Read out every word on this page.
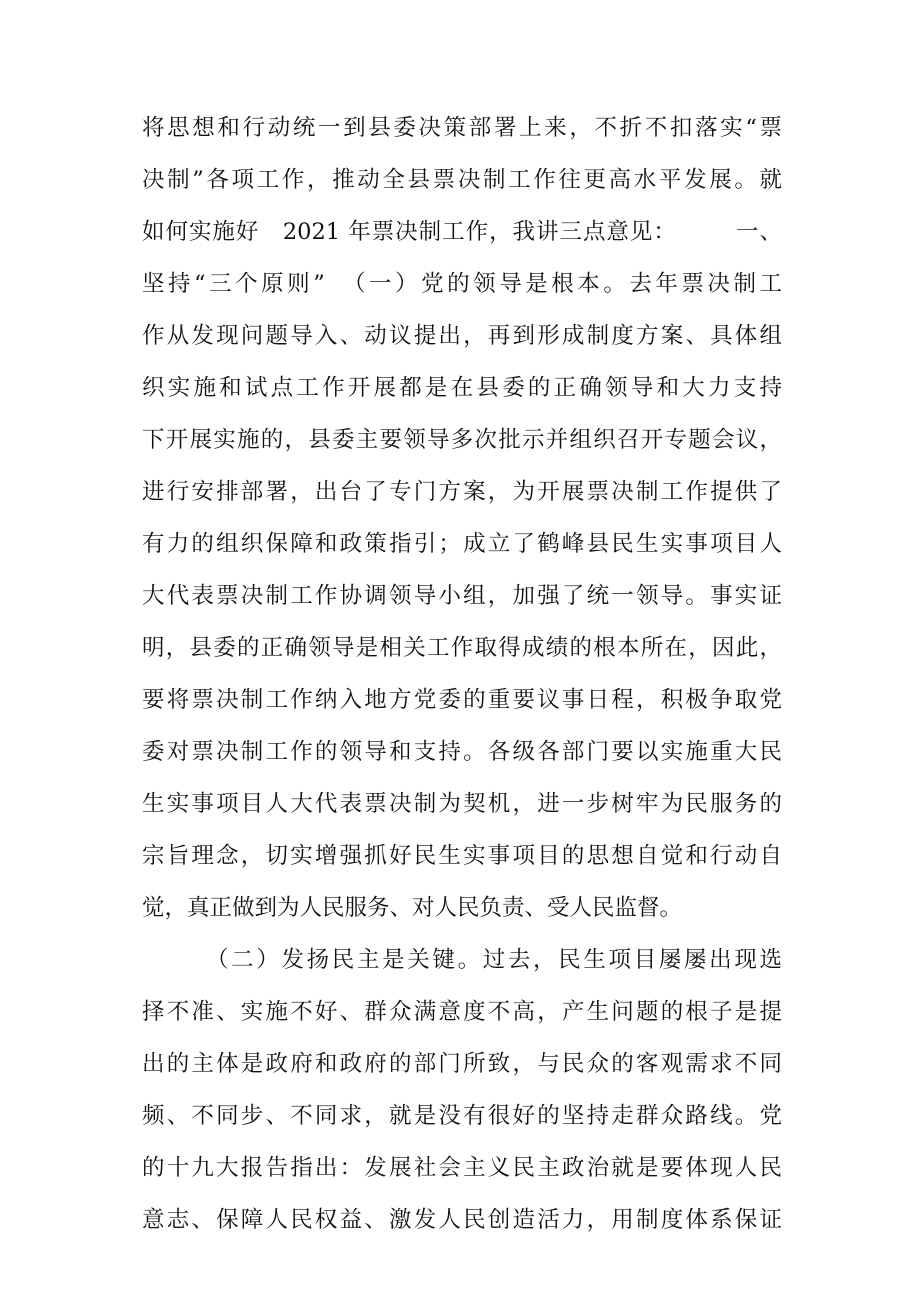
将思想和行动统一到县委决策部署上来，不折不扣落实“票
决制”各项工作，推动全县票决制工作往更高水平发展。就
如何实施好　2021 年票决制工作，我讲三点意见：　　　一、
坚持“三个原则”　（一）党的领导是根本。去年票决制工
作从发现问题导入、动议提出，再到形成制度方案、具体组
织实施和试点工作开展都是在县委的正确领导和大力支持
下开展实施的，县委主要领导多次批示并组织召开专题会议，
进行安排部署，出台了专门方案，为开展票决制工作提供了
有力的组织保障和政策指引；成立了鹤峰县民生实事项目人
大代表票决制工作协调领导小组，加强了统一领导。事实证
明，县委的正确领导是相关工作取得成绩的根本所在，因此，
要将票决制工作纳入地方党委的重要议事日程，积极争取党
委对票决制工作的领导和支持。各级各部门要以实施重大民
生实事项目人大代表票决制为契机，进一步树牢为民服务的
宗旨理念，切实增强抓好民生实事项目的思想自觉和行动自
觉，真正做到为人民服务、对人民负责、受人民监督。
（二）发扬民主是关键。过去，民生项目屡屡出现选
择不准、实施不好、群众满意度不高，产生问题的根子是提
出的主体是政府和政府的部门所致，与民众的客观需求不同
频、不同步、不同求，就是没有很好的坚持走群众路线。党
的十九大报告指出：发展社会主义民主政治就是要体现人民
意志、保障人民权益、激发人民创造活力，用制度体系保证
